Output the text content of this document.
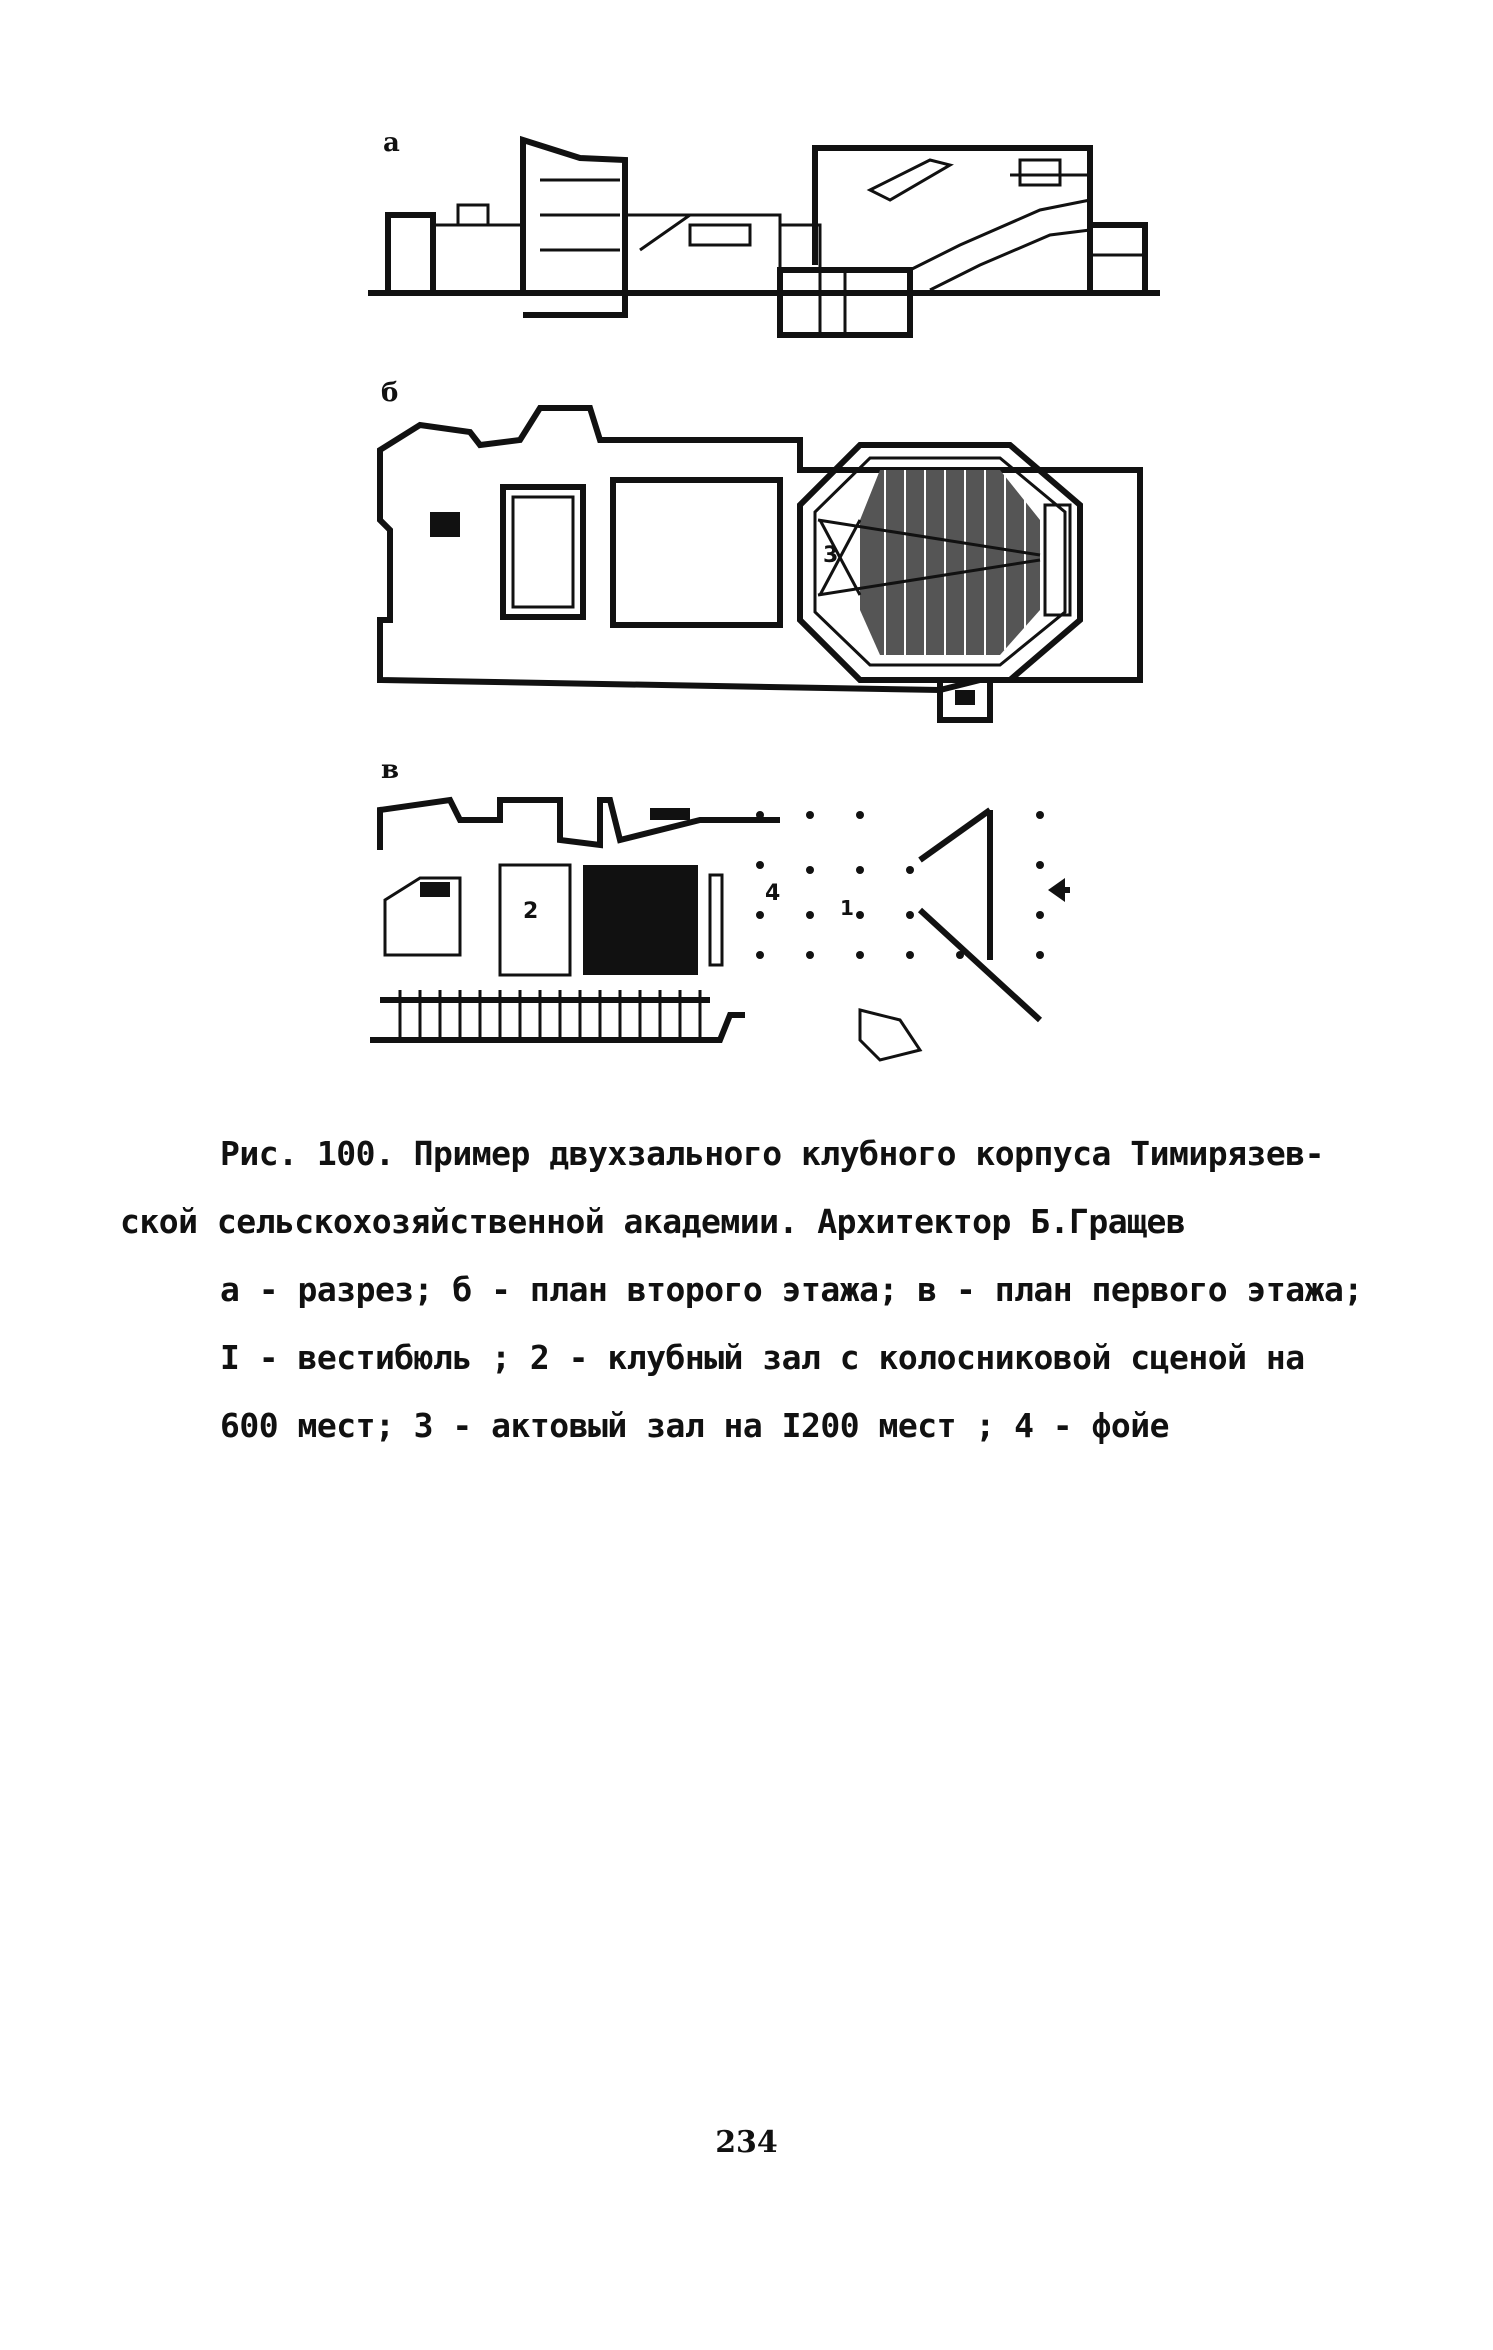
а
б
в
3
2
4
1
Рис. 100. Пример двухзального клубного корпуса Тимирязев-
ской сельскохозяйственной академии. Архитектор Б.Гращев
а - разрез; б - план второго этажа; в - план первого этажа;
I - вестибюль ; 2 - клубный зал с колосниковой сценой на
600 мест; 3 - актовый зал на I200 мест ; 4 - фойе
234
